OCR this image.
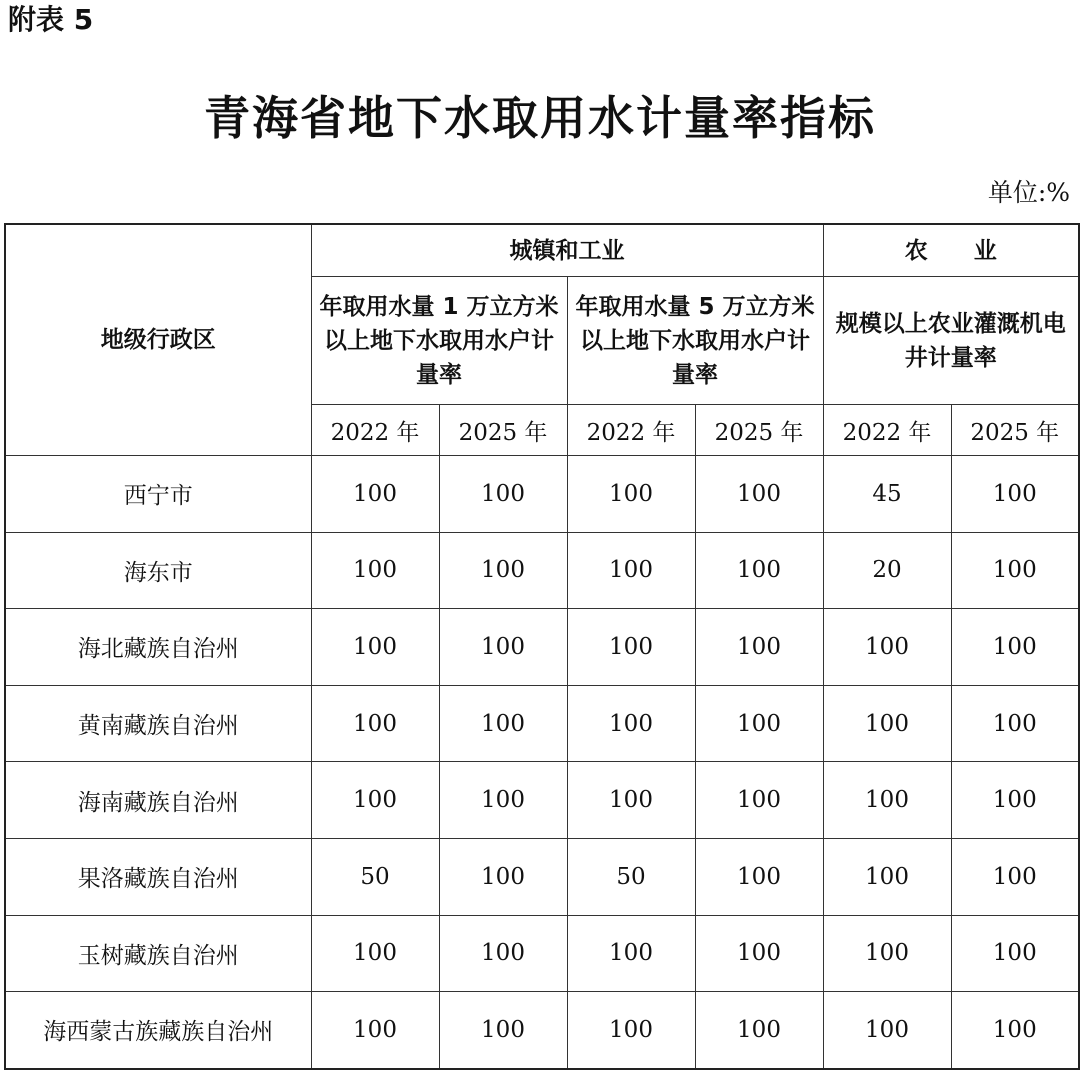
附表 5
青海省地下水取用水计量率指标
单位:%
地级行政区	城镇和工业				农　　业	
	年取用水量 1 万立方米以上地下水取用水户计量率		年取用水量 5 万立方米以上地下水取用水户计量率		规模以上农业灌溉机电井计量率	
	2022 年	2025 年	2022 年	2025 年	2022 年	2025 年
西宁市	100	100	100	100	45	100
海东市	100	100	100	100	20	100
海北藏族自治州	100	100	100	100	100	100
黄南藏族自治州	100	100	100	100	100	100
海南藏族自治州	100	100	100	100	100	100
果洛藏族自治州	50	100	50	100	100	100
玉树藏族自治州	100	100	100	100	100	100
海西蒙古族藏族自治州	100	100	100	100	100	100
